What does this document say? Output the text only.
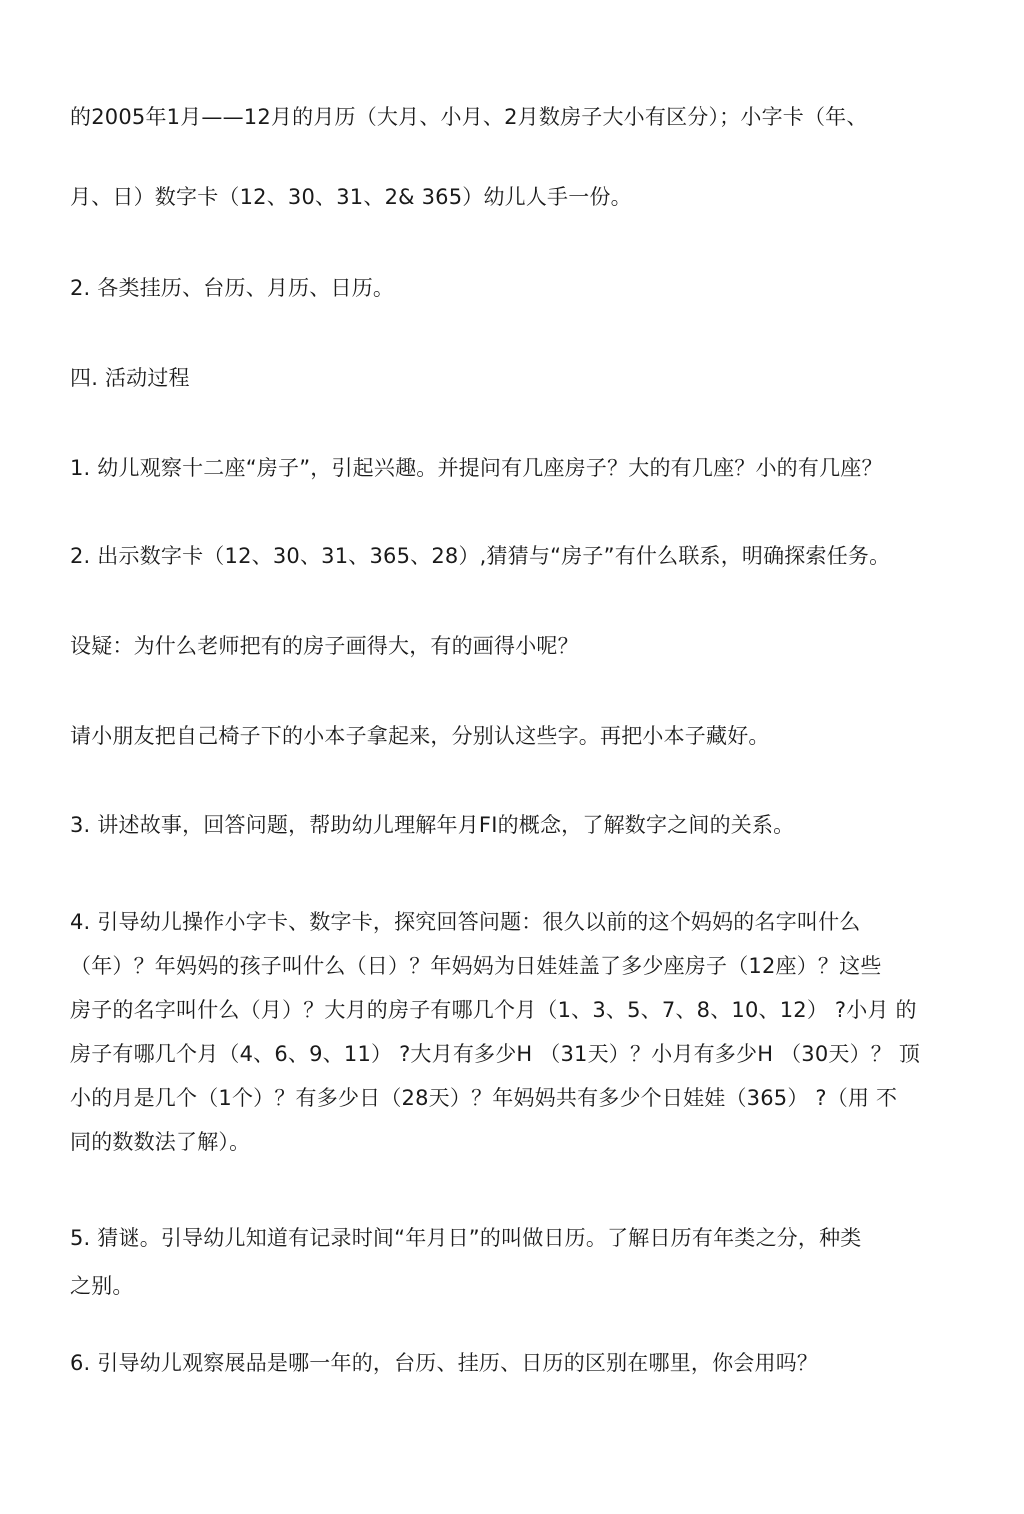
的2005年1月——12月的月历（大月、小月、2月数房子大小有区分）；小字卡（年、
月、日）数字卡（12、30、31、2& 365）幼儿人手一份。
2. 各类挂历、台历、月历、日历。
四. 活动过程
1. 幼儿观察十二座“房子”，引起兴趣。并提问有几座房子？大的有几座？小的有几座？
2. 出示数字卡（12、30、31、365、28）,猜猜与“房子”有什么联系，明确探索任务。
设疑：为什么老师把有的房子画得大，有的画得小呢？
请小朋友把自己椅子下的小本子拿起来，分别认这些字。再把小本子藏好。
3. 讲述故事，回答问题，帮助幼儿理解年月FI的概念，了解数字之间的关系。
4. 引导幼儿操作小字卡、数字卡，探究回答问题：很久以前的这个妈妈的名字叫什么
（年）？年妈妈的孩子叫什么（日）？年妈妈为日娃娃盖了多少座房子（12座）？这些
房子的名字叫什么（月）？大月的房子有哪几个月（1、3、5、7、8、10、12） ?小月 的
房子有哪几个月（4、6、9、11） ?大月有多少H （31天）？小月有多少H （30天）？ 顶
小的月是几个（1个）？有多少日（28天）？年妈妈共有多少个日娃娃（365） ?（用 不
同的数数法了解）。
5. 猜谜。引导幼儿知道有记录时间“年月日”的叫做日历。了解日历有年类之分，种类
之别。
6. 引导幼儿观察展品是哪一年的，台历、挂历、日历的区别在哪里，你会用吗？
